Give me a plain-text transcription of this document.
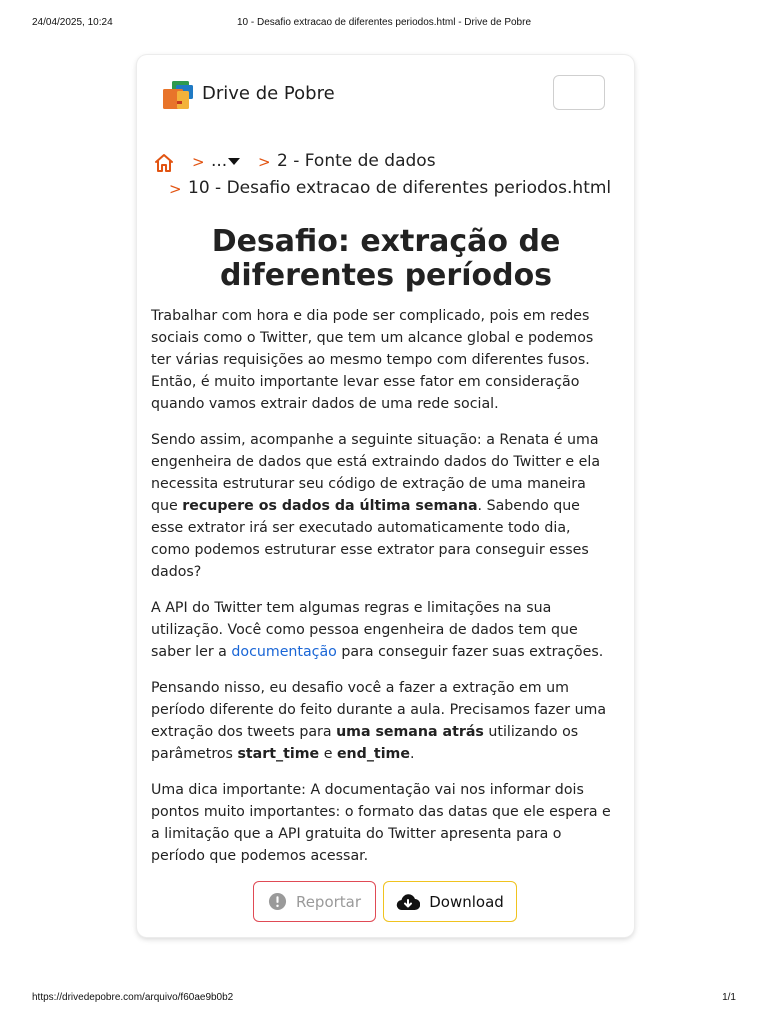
24/04/2025, 10:24	10 - Desafio extracao de diferentes periodos.html - Drive de Pobre
Drive de Pobre
> ... > 2 - Fonte de dados
> 10 - Desafio extracao de diferentes periodos.html
Desafio: extração de diferentes períodos

Trabalhar com hora e dia pode ser complicado, pois em redes sociais como o Twitter, que tem um alcance global e podemos ter várias requisições ao mesmo tempo com diferentes fusos. Então, é muito importante levar esse fator em consideração quando vamos extrair dados de uma rede social.

Sendo assim, acompanhe a seguinte situação: a Renata é uma engenheira de dados que está extraindo dados do Twitter e ela necessita estruturar seu código de extração de uma maneira que recupere os dados da última semana. Sabendo que esse extrator irá ser executado automaticamente todo dia, como podemos estruturar esse extrator para conseguir esses dados?

A API do Twitter tem algumas regras e limitações na sua utilização. Você como pessoa engenheira de dados tem que saber ler a documentação para conseguir fazer suas extrações.

Pensando nisso, eu desafio você a fazer a extração em um período diferente do feito durante a aula. Precisamos fazer uma extração dos tweets para uma semana atrás utilizando os parâmetros start_time e end_time.

Uma dica importante: A documentação vai nos informar dois pontos muito importantes: o formato das datas que ele espera e a limitação que a API gratuita do Twitter apresenta para o período que podemos acessar.

Reportar	Download
https://drivedepobre.com/arquivo/f60ae9b0b2	1/1
